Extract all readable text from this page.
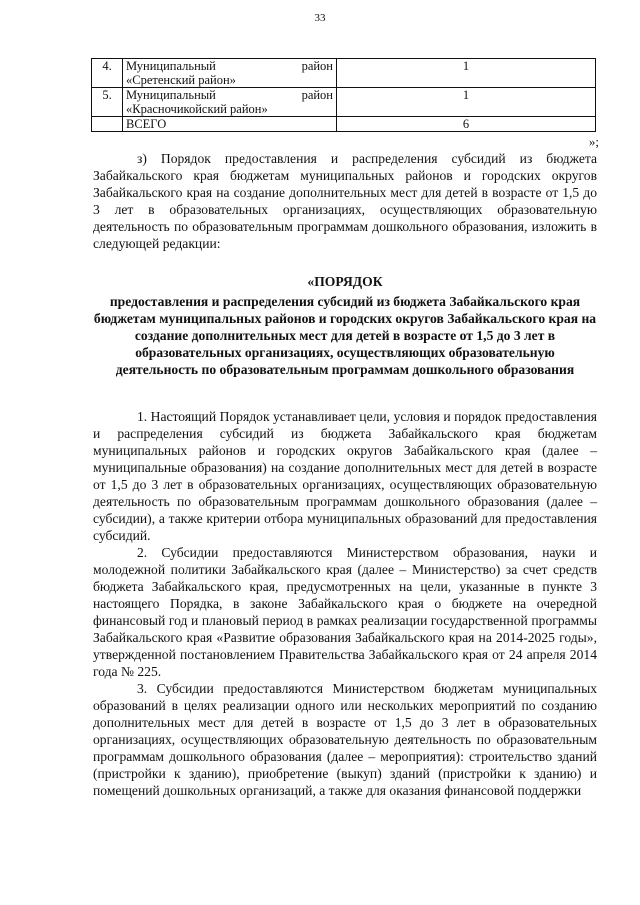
33
4.	Муниципальный район
«Сретенский район»	1
5.	Муниципальный район
«Красночикойский район»	1

	ВСЕГО	6
»;

з) Порядок предоставления и распределения субсидий из бюджета Забайкальского края бюджетам муниципальных районов и городских округов Забайкальского края на создание дополнительных мест для детей в возрасте от 1,5 до 3 лет в образовательных организациях, осуществляющих образовательную деятельность по образовательным программам дошкольного образования, изложить в следующей редакции:

«ПОРЯДОК
предоставления и распределения субсидий из бюджета Забайкальского края бюджетам муниципальных районов и городских округов Забайкальского края на создание дополнительных мест для детей в возрасте от 1,5 до 3 лет в образовательных организациях, осуществляющих образовательную деятельность по образовательным программам дошкольного образования

1. Настоящий Порядок устанавливает цели, условия и порядок предоставления и распределения субсидий из бюджета Забайкальского края бюджетам муниципальных районов и городских округов Забайкальского края (далее – муниципальные образования) на создание дополнительных мест для детей в возрасте от 1,5 до 3 лет в образовательных организациях, осуществляющих образовательную деятельность по образовательным программам дошкольного образования (далее – субсидии), а также критерии отбора муниципальных образований для предоставления субсидий.

2. Субсидии предоставляются Министерством образования, науки и молодежной политики Забайкальского края (далее – Министерство) за счет средств бюджета Забайкальского края, предусмотренных на цели, указанные в пункте 3 настоящего Порядка, в законе Забайкальского края о бюджете на очередной финансовый год и плановый период в рамках реализации государственной программы Забайкальского края «Развитие образования Забайкальского края на 2014-2025 годы», утвержденной постановлением Правительства Забайкальского края от 24 апреля 2014 года № 225.

3. Субсидии предоставляются Министерством бюджетам муниципальных образований в целях реализации одного или нескольких мероприятий по созданию дополнительных мест для детей в возрасте от 1,5 до 3 лет в образовательных организациях, осуществляющих образовательную деятельность по образовательным программам дошкольного образования (далее – мероприятия): строительство зданий (пристройки к зданию), приобретение (выкуп) зданий (пристройки к зданию) и помещений дошкольных организаций, а также для оказания финансовой поддержки
